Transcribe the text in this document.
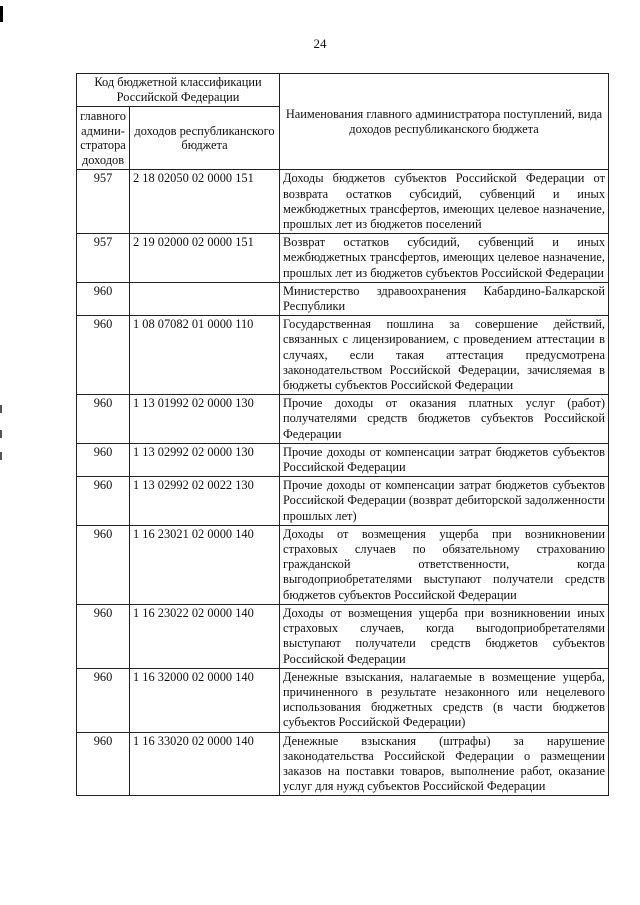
24
Код бюджетной классификации Российской Федерации		Наименования главного администратора поступлений, вида доходов республиканского бюджета
главного админи- стратора доходов	доходов республиканского бюджета	
957	2 18 02050 02 0000 151	Доходы бюджетов субъектов Российской Федерации от возврата остатков субсидий, субвенций и иных межбюджетных трансфертов, имеющих целевое назначение, прошлых лет из бюджетов поселений
957	2 19 02000 02 0000 151	Возврат остатков субсидий, субвенций и иных межбюджетных трансфертов, имеющих целевое назначение, прошлых лет из бюджетов субъектов Российской Федерации
960		Министерство здравоохранения Кабардино-Балкарской Республики
960	1 08 07082 01 0000 110	Государственная пошлина за совершение действий, связанных с лицензированием, с проведением аттестации в случаях, если такая аттестация предусмотрена законодательством Российской Федерации, зачисляемая в бюджеты субъектов Российской Федерации
960	1 13 01992 02 0000 130	Прочие доходы от оказания платных услуг (работ) получателями средств бюджетов субъектов Российской Федерации
960	1 13 02992 02 0000 130	Прочие доходы от компенсации затрат бюджетов субъектов Российской Федерации
960	1 13 02992 02 0022 130	Прочие доходы от компенсации затрат бюджетов субъектов Российской Федерации (возврат дебиторской задолженности прошлых лет)
960	1 16 23021 02 0000 140	Доходы от возмещения ущерба при возникновении страховых случаев по обязательному страхованию гражданской ответственности, когда выгодоприобретателями выступают получатели средств бюджетов субъектов Российской Федерации
960	1 16 23022 02 0000 140	Доходы от возмещения ущерба при возникновении иных страховых случаев, когда выгодоприобретателями выступают получатели средств бюджетов субъектов Российской Федерации
960	1 16 32000 02 0000 140	Денежные взыскания, налагаемые в возмещение ущерба, причиненного в результате незаконного или нецелевого использования бюджетных средств (в части бюджетов субъектов Российской Федерации)
960	1 16 33020 02 0000 140	Денежные взыскания (штрафы) за нарушение законодательства Российской Федерации о размещении заказов на поставки товаров, выполнение работ, оказание услуг для нужд субъектов Российской Федерации
